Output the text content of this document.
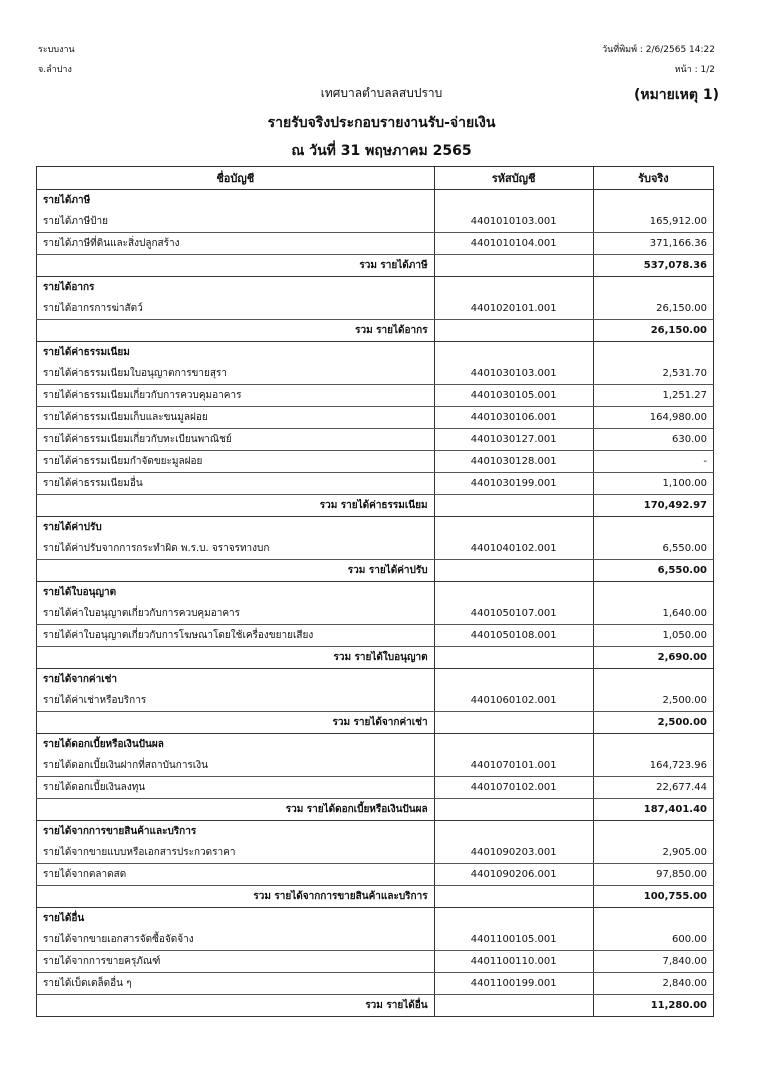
ระบบงาน
จ.ลำปาง
วันที่พิมพ์ : 2/6/2565 14:22
หน้า : 1/2
เทศบาลตำบลลสบปราบ	(หมายเหตุ 1)
รายรับจริงประกอบรายงานรับ-จ่ายเงิน
ณ วันที่ 31 พฤษภาคม 2565
ชื่อบัญชี	รหัสบัญชี	รับจริง
รายได้ภาษี		
รายได้ภาษีป้าย	4401010103.001	165,912.00
รายได้ภาษีที่ดินและสิ่งปลูกสร้าง	4401010104.001	371,166.36
รวม รายได้ภาษี		537,078.36
รายได้อากร		
รายได้อากรการฆ่าสัตว์	4401020101.001	26,150.00
รวม รายได้อากร		26,150.00
รายได้ค่าธรรมเนียม		
รายได้ค่าธรรมเนียมใบอนุญาตการขายสุรา	4401030103.001	2,531.70
รายได้ค่าธรรมเนียมเกี่ยวกับการควบคุมอาคาร	4401030105.001	1,251.27
รายได้ค่าธรรมเนียมเก็บและขนมูลฝอย	4401030106.001	164,980.00
รายได้ค่าธรรมเนียมเกี่ยวกับทะเบียนพาณิชย์	4401030127.001	630.00
รายได้ค่าธรรมเนียมกำจัดขยะมูลฝอย	4401030128.001	-
รายได้ค่าธรรมเนียมอื่น	4401030199.001	1,100.00
รวม รายได้ค่าธรรมเนียม		170,492.97
รายได้ค่าปรับ		
รายได้ค่าปรับจากการกระทำผิด พ.ร.บ. จราจรทางบก	4401040102.001	6,550.00
รวม รายได้ค่าปรับ		6,550.00
รายได้ใบอนุญาต		
รายได้ค่าใบอนุญาตเกี่ยวกับการควบคุมอาคาร	4401050107.001	1,640.00
รายได้ค่าใบอนุญาตเกี่ยวกับการโฆษณาโดยใช้เครื่องขยายเสียง	4401050108.001	1,050.00
รวม รายได้ใบอนุญาต		2,690.00
รายได้จากค่าเช่า		
รายได้ค่าเช่าหรือบริการ	4401060102.001	2,500.00
รวม รายได้จากค่าเช่า		2,500.00
รายได้ดอกเบี้ยหรือเงินปันผล		
รายได้ดอกเบี้ยเงินฝากที่สถาบันการเงิน	4401070101.001	164,723.96
รายได้ดอกเบี้ยเงินลงทุน	4401070102.001	22,677.44
รวม รายได้ดอกเบี้ยหรือเงินปันผล		187,401.40
รายได้จากการขายสินค้าและบริการ		
รายได้จากขายแบบหรือเอกสารประกวดราคา	4401090203.001	2,905.00
รายได้จากตลาดสด	4401090206.001	97,850.00
รวม รายได้จากการขายสินค้าและบริการ		100,755.00
รายได้อื่น		
รายได้จากขายเอกสารจัดซื้อจัดจ้าง	4401100105.001	600.00
รายได้จากการขายครุภัณฑ์	4401100110.001	7,840.00
รายได้เบ็ดเตล็ดอื่น ๆ	4401100199.001	2,840.00
รวม รายได้อื่น		11,280.00
